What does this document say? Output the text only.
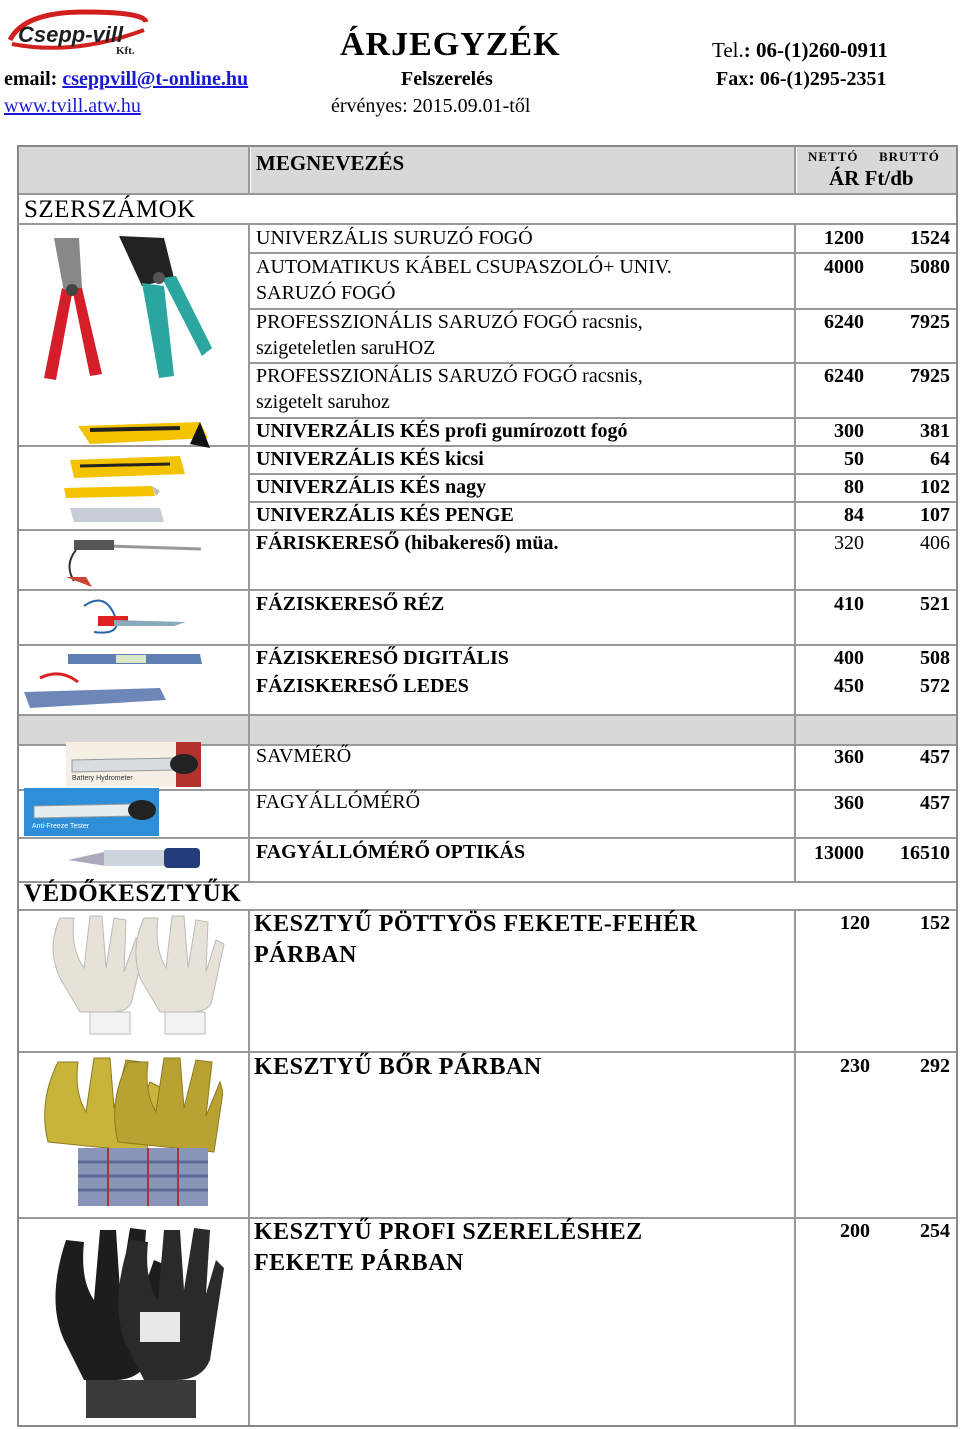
Csepp-vill
Kft.	ÁRJEGYZÉK	Tel.: 06-(1)260-0911
email: cseppvill@t-online.hu	Felszerelés	Fax: 06-(1)295-2351
www.tvill.atw.hu	érvényes: 2015.09.01-től
MEGNEVEZÉS	NETTÓ BRUTTÓ
ÁR Ft/db
SZERSZÁMOK
VÉDŐKESZTYŰK
UNIVERZÁLIS SURUZÓ FOGÓ	1200	1524
AUTOMATIKUS KÁBEL CSUPASZOLÓ+ UNIV.
SARUZÓ FOGÓ
4000	5080
PROFESSZIONÁLIS SARUZÓ FOGÓ racsnis,
szigeteletlen saruHOZ
6240	7925
PROFESSZIONÁLIS SARUZÓ FOGÓ racsnis,
szigetelt saruhoz
6240	7925
UNIVERZÁLIS KÉS profi gumírozott fogó	300	381
UNIVERZÁLIS KÉS kicsi	50	64
UNIVERZÁLIS KÉS nagy	80	102
UNIVERZÁLIS KÉS PENGE	84	107
FÁRISKERESŐ (hibakereső) müa.	320	406
FÁZISKERESŐ RÉZ	410	521
FÁZISKERESŐ DIGITÁLIS	400	508
FÁZISKERESŐ LEDES	450	572
SAVMÉRŐ	360	457
FAGYÁLLÓMÉRŐ	360	457
FAGYÁLLÓMÉRŐ OPTIKÁS	13000	16510
KESZTYŰ PÖTTYÖS FEKETE-FEHÉR
PÁRBAN
120	152
KESZTYŰ BŐR PÁRBAN	230	292
KESZTYŰ PROFI SZERELÉSHEZ
FEKETE PÁRBAN
200	254
Battery Hydrometer
Anti-Freeze Tester
